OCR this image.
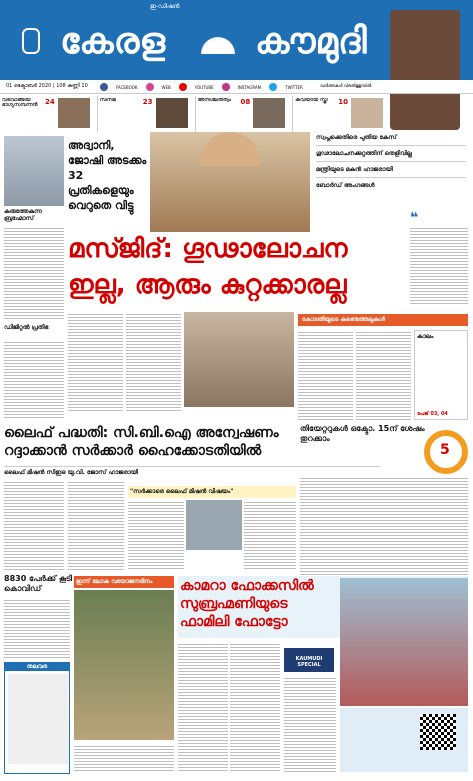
ഇ-ഡിഷൻ
കേരള കൗമുദി
01 ഒക്ടോബർ 2020 | 108 കണ്ണി 10	FACEBOOK	WEB	YOUTUBE	INSTAGRAM	TWITTER	വാർത്തകൾ വിരൽത്തുമ്പിൽ
വിടവാങ്ങിയ ഭാഗ്യസമ്പന്നൻ	24	സിനിമ	23	അനിശ്ചിതത്വം	08	കവിയായ സ്ത്രീ	10
കരുത്തേകുന്ന ബ്രഹ്മോസ്
ഡിജിറ്റൽ പ്രതിഭ
അദ്വാനി, ജോഷി അടക്കം 32 പ്രതികളെയും വെറുതെ വിട്ടു
സ്വപ്നക്കെതിരെ പുതിയ കേസ്
ഗൂഢാലോചനക്കുറ്റത്തിന് തെളിവില്ല
മന്ത്രിയുടെ മകൻ ഹാജരായി
ബോർഡ് അംഗങ്ങൾ
മസ്ജിദ്: ഗൂഢാലോചന
ഇല്ല, ആരും കുറ്റക്കാരല്ല
❝
കോടതിയുടെ കണ്ടെത്തലുകൾ
കാലം
പേജ് 03, 04
ലൈഫ് പദ്ധതി: സി.ബി.ഐ അന്വേഷണം
റദ്ദാക്കാൻ സർക്കാർ ഹൈക്കോടതിയിൽ
ലൈഫ് മിഷൻ സിഇഒ യു.വി. ജോസ് ഹാജരായി
തിയേറ്ററുകൾ ഒക്ടോ. 15ന് ശേഷം തുറക്കാം
5
"സർക്കാരെ ലൈഫ് മിഷൻ വിഷയം"
8830 പേർക്ക് കൂടി കൊവിഡ്
തലവര
ഇന്ന് ലോക വയോജനദിനം	കാമറാ ഫോക്കസിൽ
സുബ്രഹ്മണിയുടെ
ഫാമിലി ഫോട്ടോ
KAUMUDI SPECIAL
